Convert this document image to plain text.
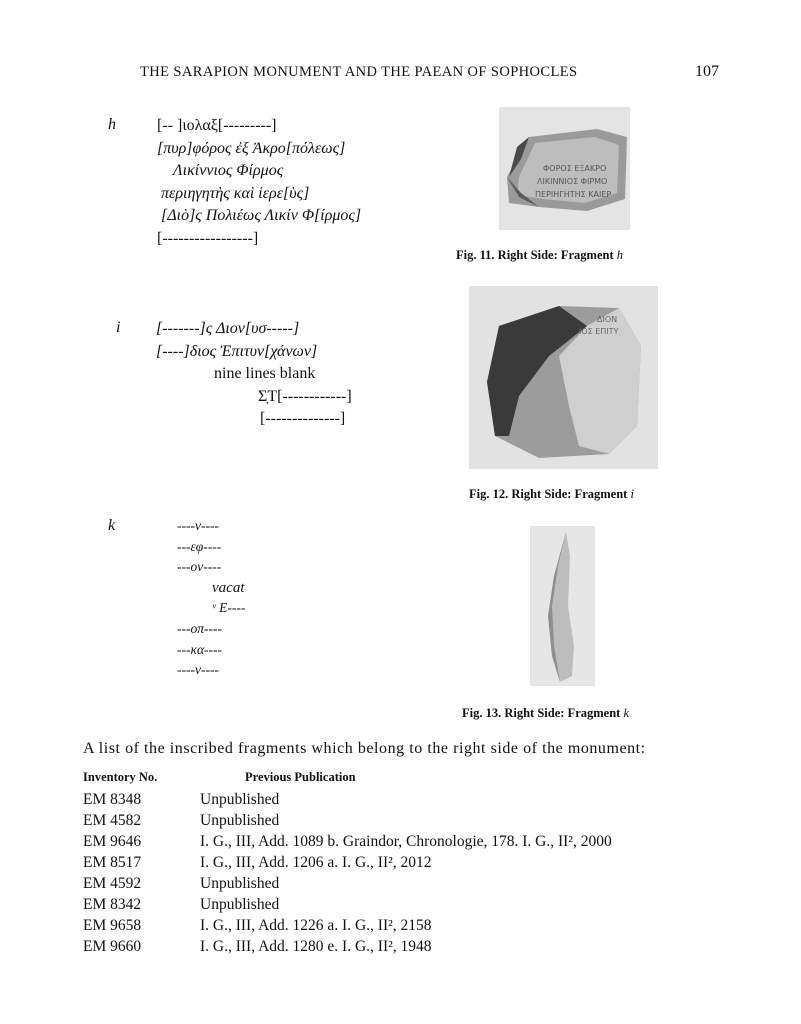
THE SARAPION MONUMENT AND THE PAEAN OF SOPHOCLES	107
h	[-- ]ιολαξ[---------]
[πυρ]φόρος ἐξ Ἀκρο[πόλεως]
Λικίννιος Φίρμος
περιηγητὴς καὶ ἱερε[ὺς]
[Διὸ]ς Πολιέως Λικίν Φ[ίρμος]
[-----------------]
ΦΟΡΟΣ ΕΞΑΚΡΟ
ΛΙΚΙΝΝΙΟΣ ΦΙΡΜΟ
ΠΕΡΙΗΓΗΤΗΣ ΚΑΙΕΡ
Fig. 11. Right Side: Fragment h
i [-------]ς Διον[υσ-----]
[----]διος Ἐπιτυν[χάνων]
nine lines blank
Σ̣Τ[------------]
[--------------]
ΔΙΟΝ
ΙΟΣ ΕΠΙΤΥ
Fig. 12. Right Side: Fragment i
k	----ν----
---εφ----
---ον----
vacat
ᵛ Ε----
---οπ----
---κα----
----ν----
Fig. 13. Right Side: Fragment k
A list of the inscribed fragments which belong to the right side of the monument:
Inventory No.	Previous Publication
EM 8348	Unpublished
EM 4582	Unpublished
EM 9646	I. G., III, Add. 1089 b. Graindor, Chronologie, 178. I. G., II², 2000
EM 8517	I. G., III, Add. 1206 a. I. G., II², 2012
EM 4592	Unpublished
EM 8342	Unpublished
EM 9658	I. G., III, Add. 1226 a. I. G., II², 2158
EM 9660	I. G., III, Add. 1280 e. I. G., II², 1948
